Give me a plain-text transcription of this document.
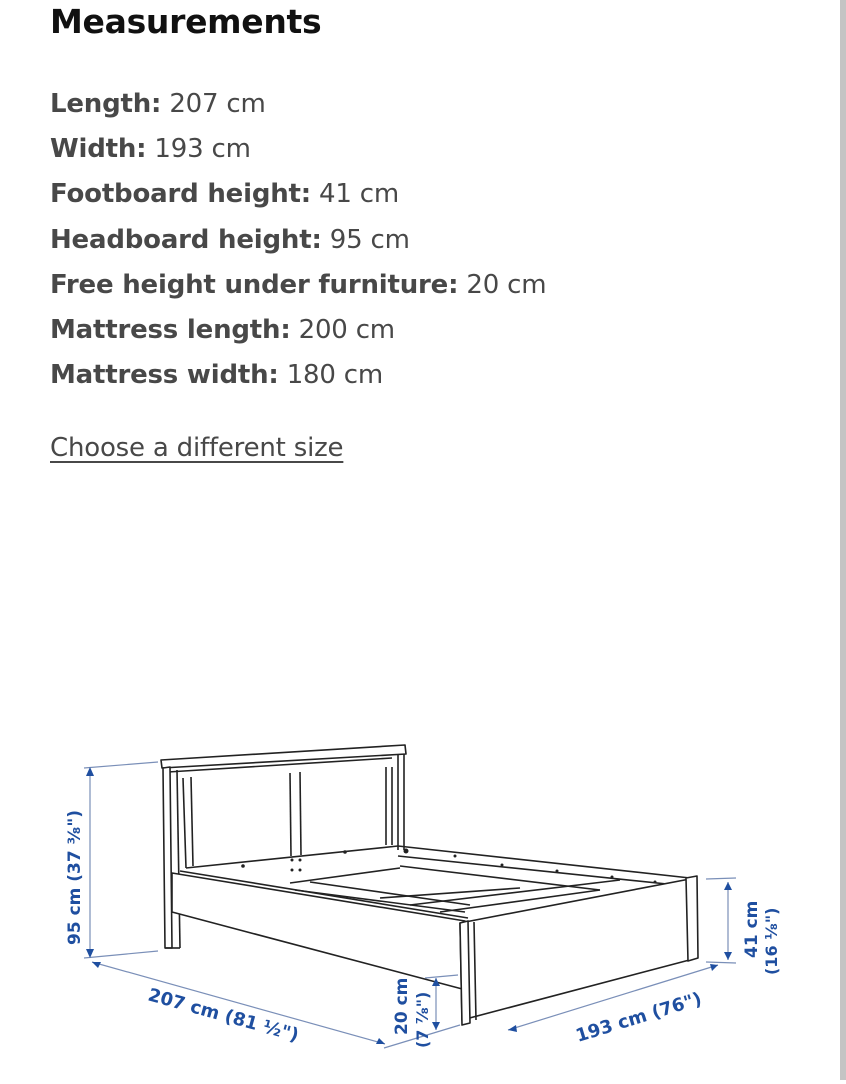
Measurements
Length: 207 cm
Width: 193 cm
Footboard height: 41 cm
Headboard height: 95 cm
Free height under furniture: 20 cm
Mattress length: 200 cm
Mattress width: 180 cm
Choose a different size
95 cm (37 ³⁄₈")
207 cm (81 ½")	20 cm (7 ⁷⁄₈")	193 cm (76")
41 cm (16 ¹⁄₈")
